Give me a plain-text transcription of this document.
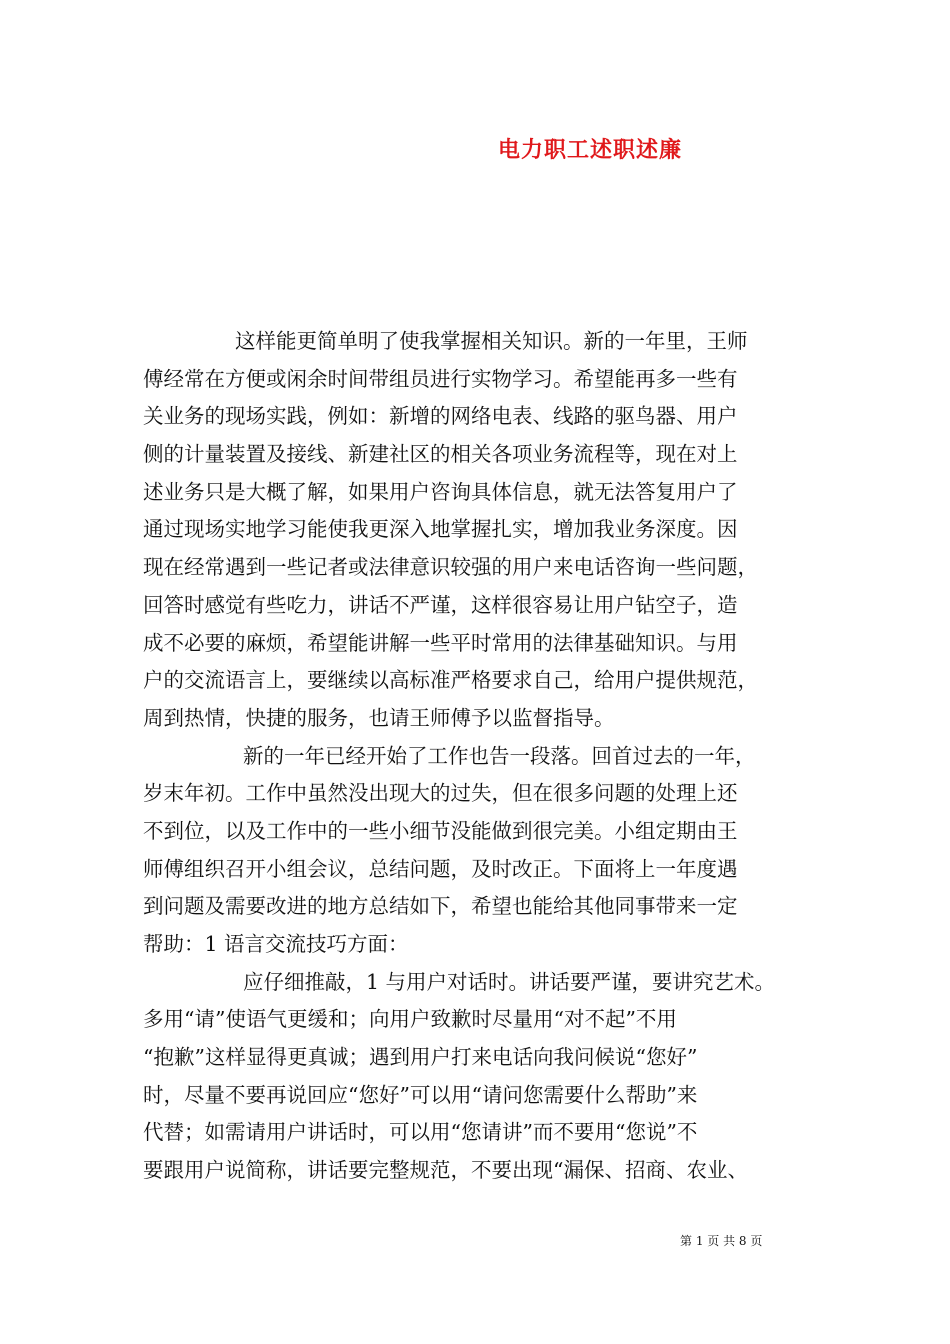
电力职工述职述廉
这样能更简单明了使我掌握相关知识。新的一年里，王师
傅经常在方便或闲余时间带组员进行实物学习。希望能再多一些有
关业务的现场实践，例如：新增的网络电表、线路的驱鸟器、用户
侧的计量装置及接线、新建社区的相关各项业务流程等，现在对上
述业务只是大概了解，如果用户咨询具体信息，就无法答复用户了
通过现场实地学习能使我更深入地掌握扎实，增加我业务深度。因
现在经常遇到一些记者或法律意识较强的用户来电话咨询一些问题，
回答时感觉有些吃力，讲话不严谨，这样很容易让用户钻空子，造
成不必要的麻烦，希望能讲解一些平时常用的法律基础知识。与用
户的交流语言上，要继续以高标准严格要求自己，给用户提供规范，
周到热情，快捷的服务，也请王师傅予以监督指导。
新的一年已经开始了工作也告一段落。回首过去的一年，
岁末年初。工作中虽然没出现大的过失，但在很多问题的处理上还
不到位，以及工作中的一些小细节没能做到很完美。小组定期由王
师傅组织召开小组会议，总结问题，及时改正。下面将上一年度遇
到问题及需要改进的地方总结如下，希望也能给其他同事带来一定
帮助：1 语言交流技巧方面：
应仔细推敲，1 与用户对话时。讲话要严谨，要讲究艺术。
多用“请”使语气更缓和；向用户致歉时尽量用“对不起”不用
“抱歉”这样显得更真诚；遇到用户打来电话向我问候说“您好”
时，尽量不要再说回应“您好”可以用“请问您需要什么帮助”来
代替；如需请用户讲话时，可以用“您请讲”而不要用“您说”不
要跟用户说简称，讲话要完整规范，不要出现“漏保、招商、农业、
第 1 页 共 8 页
